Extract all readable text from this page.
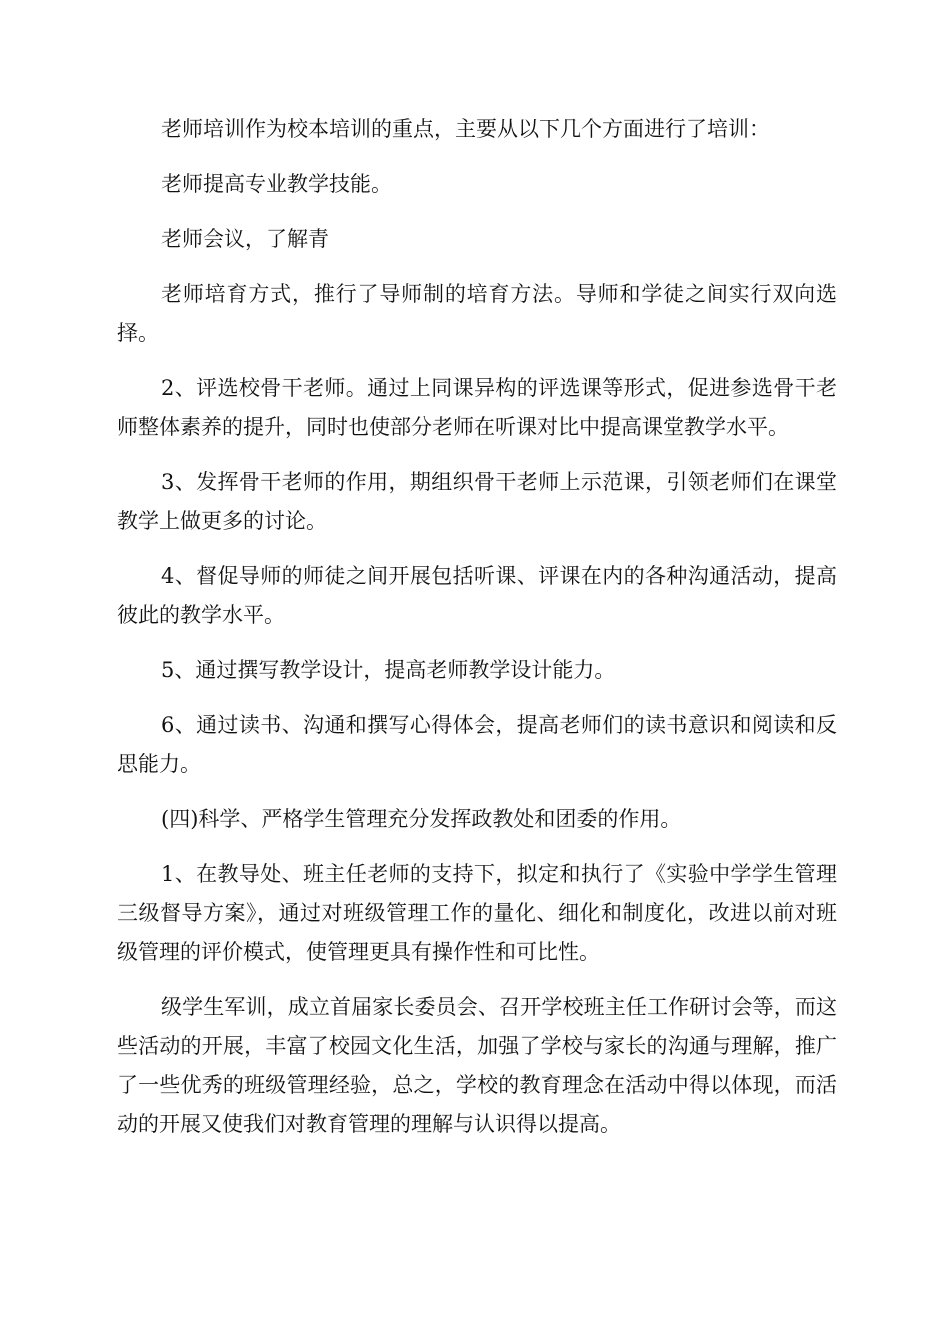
老师培训作为校本培训的重点，主要从以下几个方面进行了培训：

老师提高专业教学技能。

老师会议，了解青

老师培育方式，推行了导师制的培育方法。导师和学徒之间实行双向选择。

2、评选校骨干老师。通过上同课异构的评选课等形式，促进参选骨干老师整体素养的提升，同时也使部分老师在听课对比中提高课堂教学水平。

3、发挥骨干老师的作用，期组织骨干老师上示范课，引领老师们在课堂教学上做更多的讨论。

4、督促导师的师徒之间开展包括听课、评课在内的各种沟通活动，提高彼此的教学水平。

5、通过撰写教学设计，提高老师教学设计能力。

6、通过读书、沟通和撰写心得体会，提高老师们的读书意识和阅读和反思能力。

(四)科学、严格学生管理充分发挥政教处和团委的作用。

1、在教导处、班主任老师的支持下，拟定和执行了《实验中学学生管理三级督导方案》，通过对班级管理工作的量化、细化和制度化，改进以前对班级管理的评价模式，使管理更具有操作性和可比性。

级学生军训，成立首届家长委员会、召开学校班主任工作研讨会等，而这些活动的开展，丰富了校园文化生活，加强了学校与家长的沟通与理解，推广了一些优秀的班级管理经验，总之，学校的教育理念在活动中得以体现，而活动的开展又使我们对教育管理的理解与认识得以提高。
